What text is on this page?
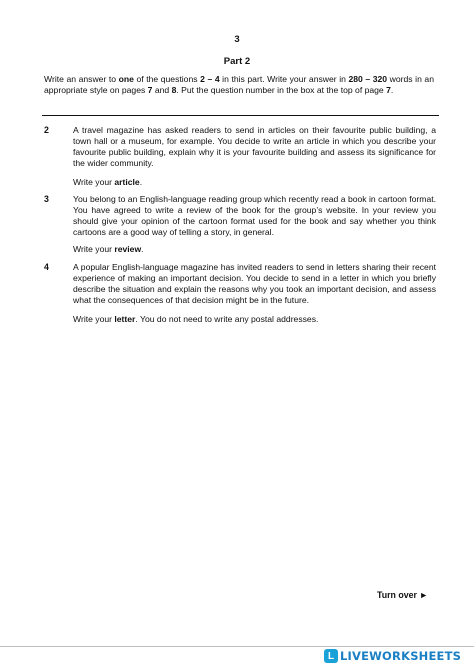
3
Part 2
Write an answer to one of the questions 2 – 4 in this part. Write your answer in 280 – 320 words in an appropriate style on pages 7 and 8. Put the question number in the box at the top of page 7.
2	A travel magazine has asked readers to send in articles on their favourite public building, a town hall or a museum, for example. You decide to write an article in which you describe your favourite public building, explain why it is your favourite building and assess its significance for the wider community.
Write your article.
3	You belong to an English-language reading group which recently read a book in cartoon format. You have agreed to write a review of the book for the group’s website. In your review you should give your opinion of the cartoon format used for the book and say whether you think cartoons are a good way of telling a story, in general.
Write your review.
4	A popular English-language magazine has invited readers to send in letters sharing their recent experience of making an important decision. You decide to send in a letter in which you briefly describe the situation and explain the reasons why you took an important decision, and assess what the consequences of that decision might be in the future.
Write your letter. You do not need to write any postal addresses.
Turn over ►
L LIVEWORKSHEETS
